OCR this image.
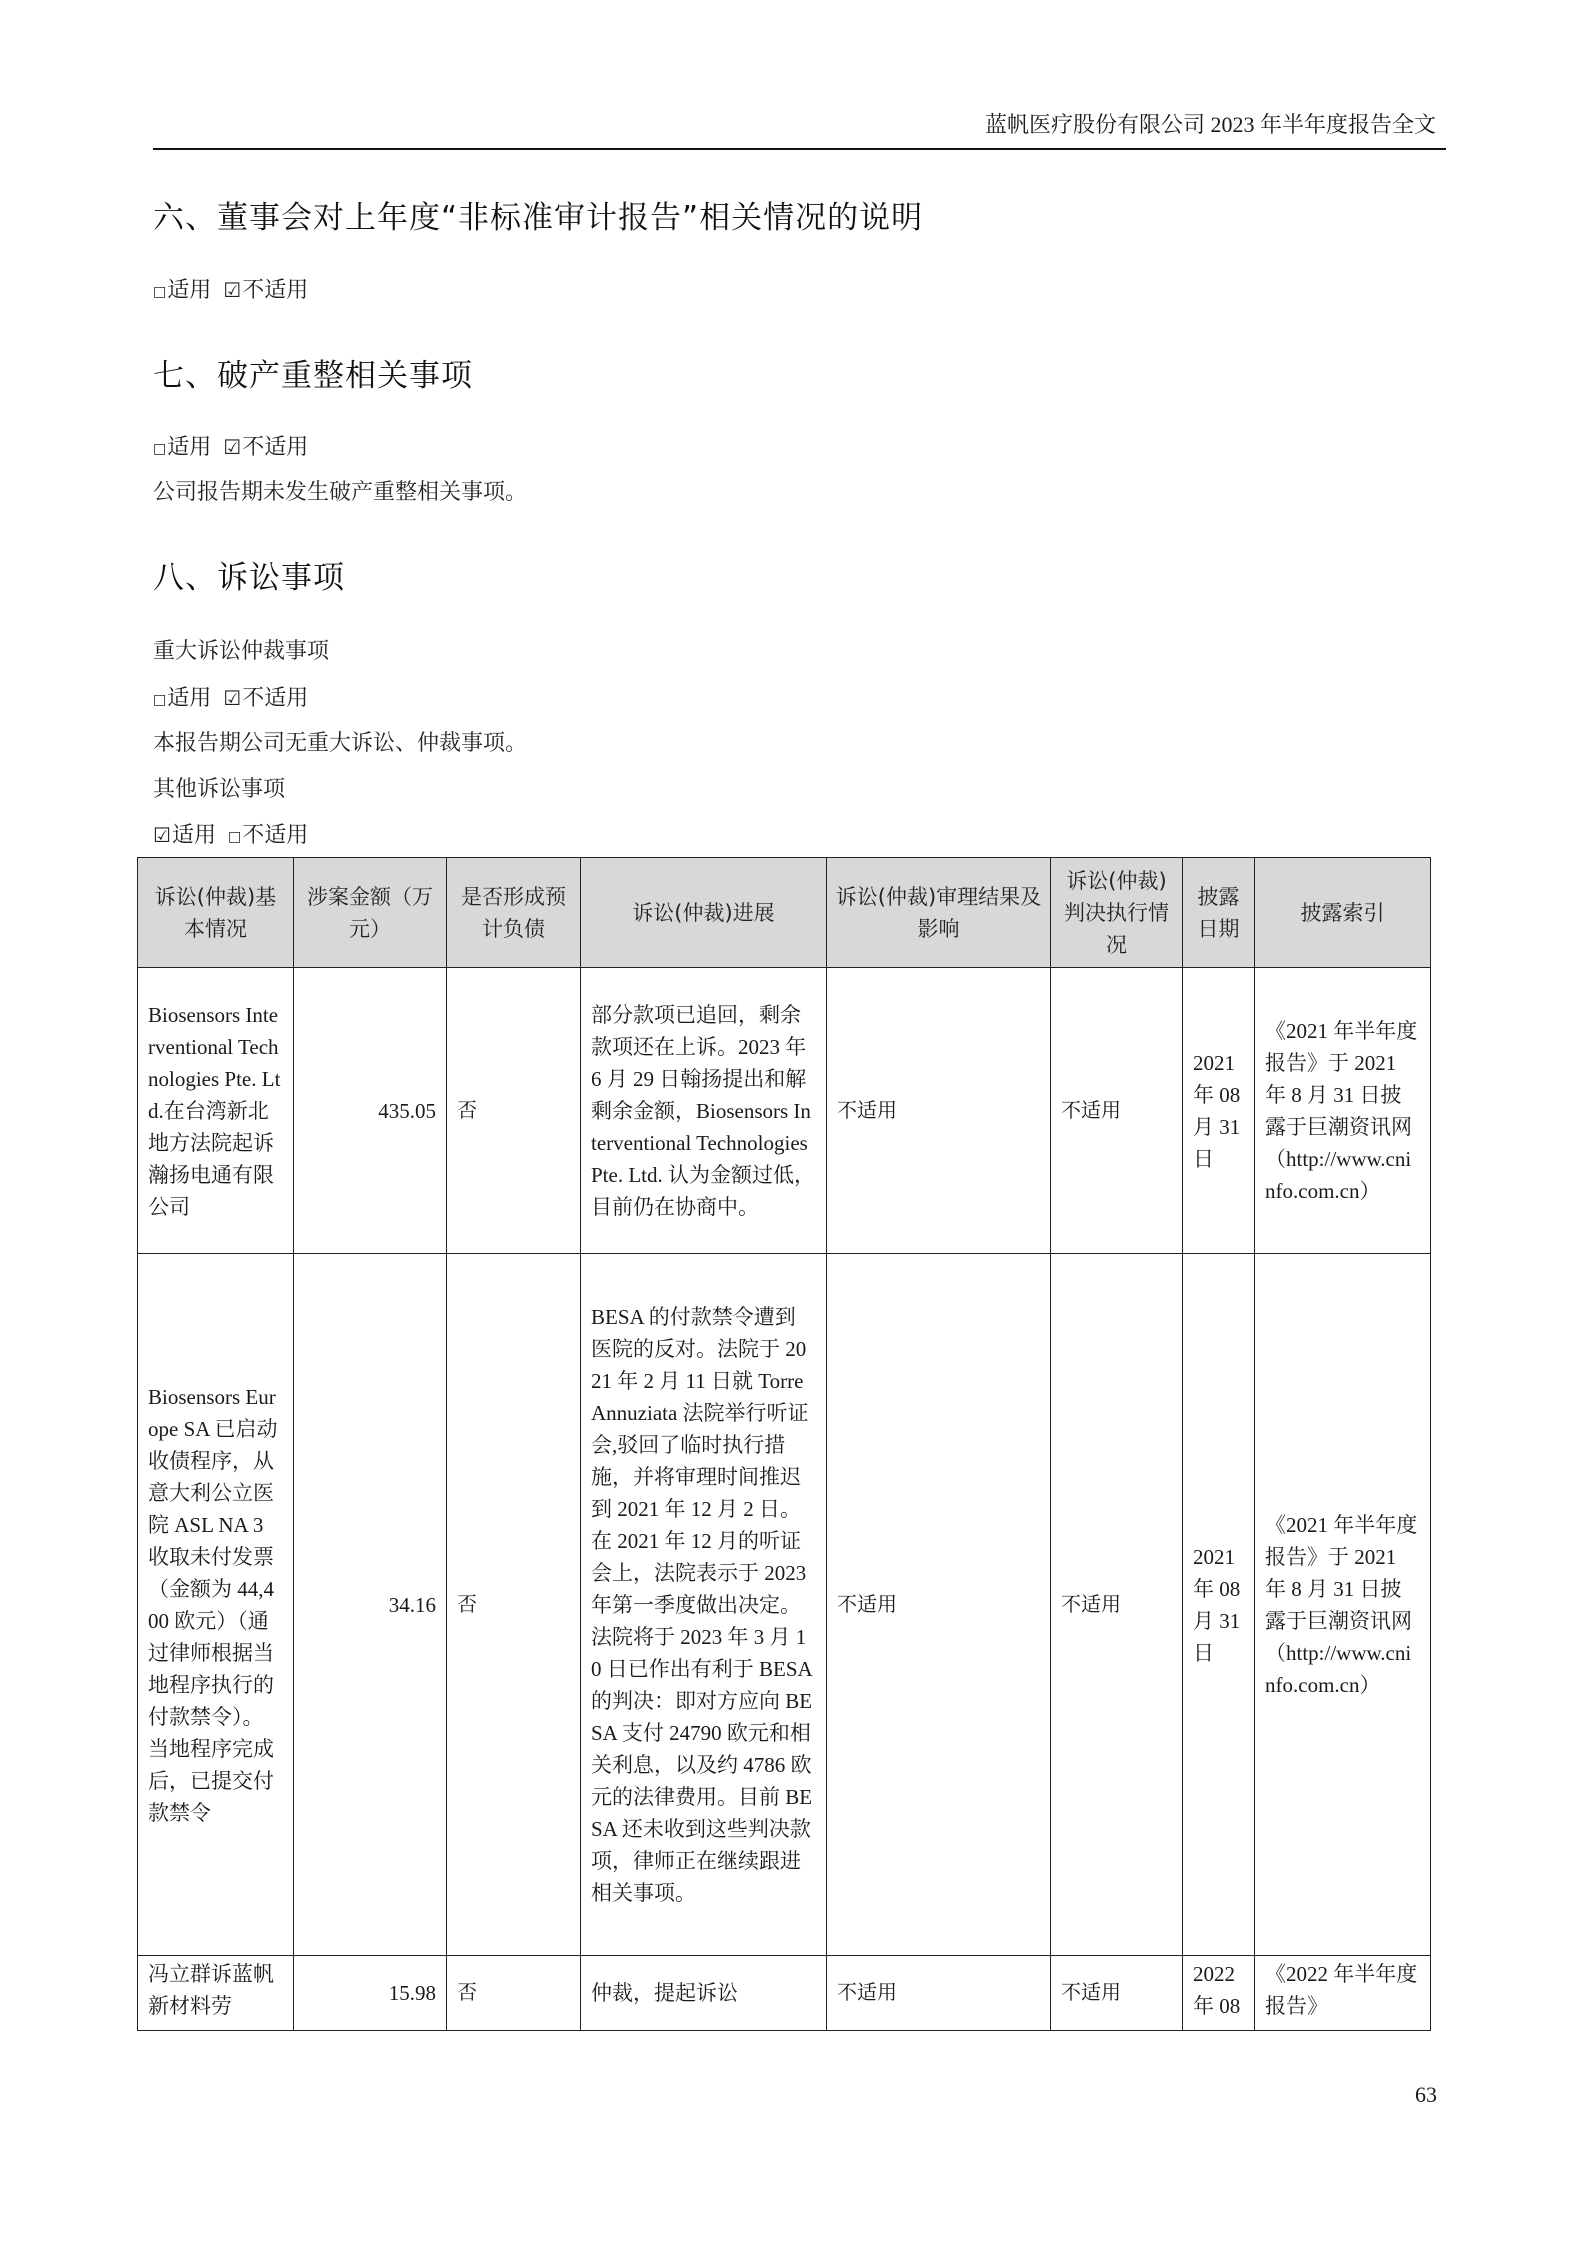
蓝帆医疗股份有限公司 2023 年半年度报告全文
六、董事会对上年度“非标准审计报告”相关情况的说明
□适用 ☑不适用
七、破产重整相关事项
□适用 ☑不适用
公司报告期未发生破产重整相关事项。
八、诉讼事项
重大诉讼仲裁事项
□适用 ☑不适用
本报告期公司无重大诉讼、仲裁事项。
其他诉讼事项
☑适用 □不适用
诉讼(仲裁)基本情况	涉案金额（万元）	是否形成预计负债	诉讼(仲裁)进展	诉讼(仲裁)审理结果及影响	诉讼(仲裁)判决执行情况	披露日期	披露索引
Biosensors Interventional Technologies Pte. Ltd.在台湾新北地方法院起诉瀚扬电通有限公司	435.05	否	部分款项已追回，剩余款项还在上诉。2023 年 6 月 29 日翰扬提出和解剩余金额，Biosensors Interventional Technologies Pte. Ltd. 认为金额过低，目前仍在协商中。	不适用	不适用	2021 年 08 月 31 日	《2021 年半年度报告》于 2021 年 8 月 31 日披露于巨潮资讯网（http://www.cninfo.com.cn）
Biosensors Europe SA 已启动收债程序，从意大利公立医院 ASL NA 3 收取未付发票（金额为 44,400 欧元）（通过律师根据当地程序执行的付款禁令）。当地程序完成后，已提交付款禁令	34.16	否	BESA 的付款禁令遭到医院的反对。法院于 2021 年 2 月 11 日就 Torre Annuziata 法院举行听证会,驳回了临时执行措施，并将审理时间推迟到 2021 年 12 月 2 日。在 2021 年 12 月的听证会上，法院表示于 2023 年第一季度做出决定。法院将于 2023 年 3 月 10 日已作出有利于 BESA 的判决：即对方应向 BESA 支付 24790 欧元和相关利息，以及约 4786 欧元的法律费用。目前 BESA 还未收到这些判决款项，律师正在继续跟进相关事项。	不适用	不适用	2021 年 08 月 31 日	《2021 年半年度报告》于 2021 年 8 月 31 日披露于巨潮资讯网（http://www.cninfo.com.cn）
冯立群诉蓝帆新材料劳	15.98	否	仲裁，提起诉讼	不适用	不适用	2022 年 08	《2022 年半年度报告》
63
